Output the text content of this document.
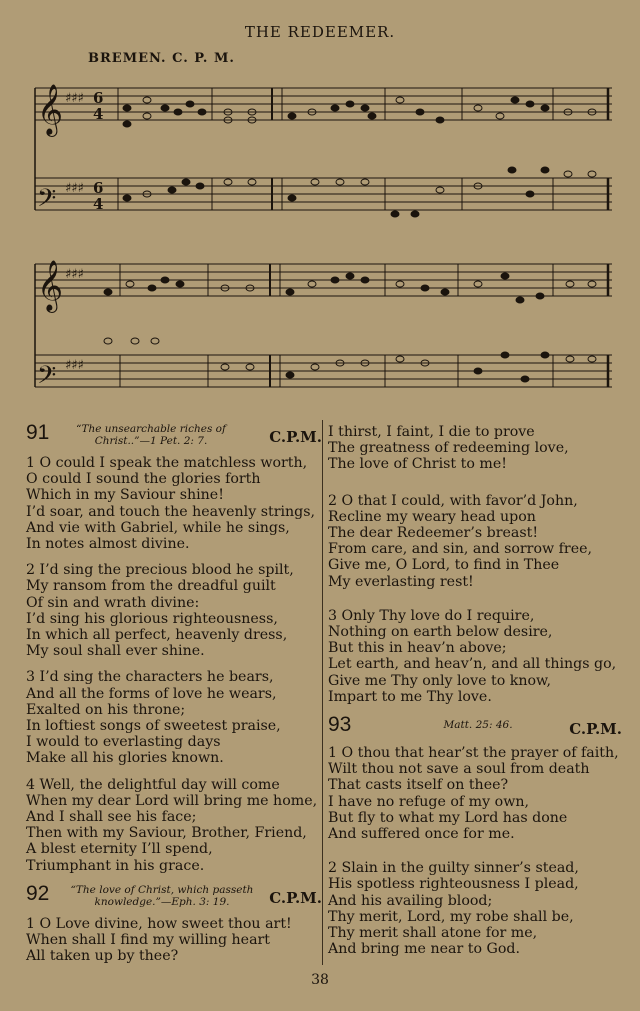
THE REDEEMER.
BREMEN. C. P. M.
𝄞
𝄢
𝄞
𝄢
♯♯♯
♯♯♯
♯♯♯
♯♯♯
6
4
6
4
91	“The unsearchable riches of
Christ..”—1 Pet. 2: 7.	C.P.M.
1 O could I speak the matchless worth,
O could I sound the glories forth
Which in my Saviour shine!
I’d soar, and touch the heavenly strings,
And vie with Gabriel, while he sings,
In notes almost divine.
2 I’d sing the precious blood he spilt,
My ransom from the dreadful guilt
Of sin and wrath divine:
I’d sing his glorious righteousness,
In which all perfect, heavenly dress,
My soul shall ever shine.
3 I’d sing the characters he bears,
And all the forms of love he wears,
Exalted on his throne;
In loftiest songs of sweetest praise,
I would to everlasting days
Make all his glories known.
4 Well, the delightful day will come
When my dear Lord will bring me home,
And I shall see his face;
Then with my Saviour, Brother, Friend,
A blest eternity I’ll spend,
Triumphant in his grace.
92	“The love of Christ, which passeth
knowledge.”—Eph. 3: 19.	C.P.M.
1 O Love divine, how sweet thou art!
When shall I find my willing heart
All taken up by thee?
I thirst, I faint, I die to prove
The greatness of redeeming love,
The love of Christ to me!
2 O that I could, with favor’d John,
Recline my weary head upon
The dear Redeemer’s breast!
From care, and sin, and sorrow free,
Give me, O Lord, to find in Thee
My everlasting rest!
3 Only Thy love do I require,
Nothing on earth below desire,
But this in heav’n above;
Let earth, and heav’n, and all things go,
Give me Thy only love to know,
Impart to me Thy love.
93	Matt. 25: 46.	C.P.M.
1 O thou that hear’st the prayer of faith,
Wilt thou not save a soul from death
That casts itself on thee?
I have no refuge of my own,
But fly to what my Lord has done
And suffered once for me.
2 Slain in the guilty sinner’s stead,
His spotless righteousness I plead,
And his availing blood;
Thy merit, Lord, my robe shall be,
Thy merit shall atone for me,
And bring me near to God.
38
